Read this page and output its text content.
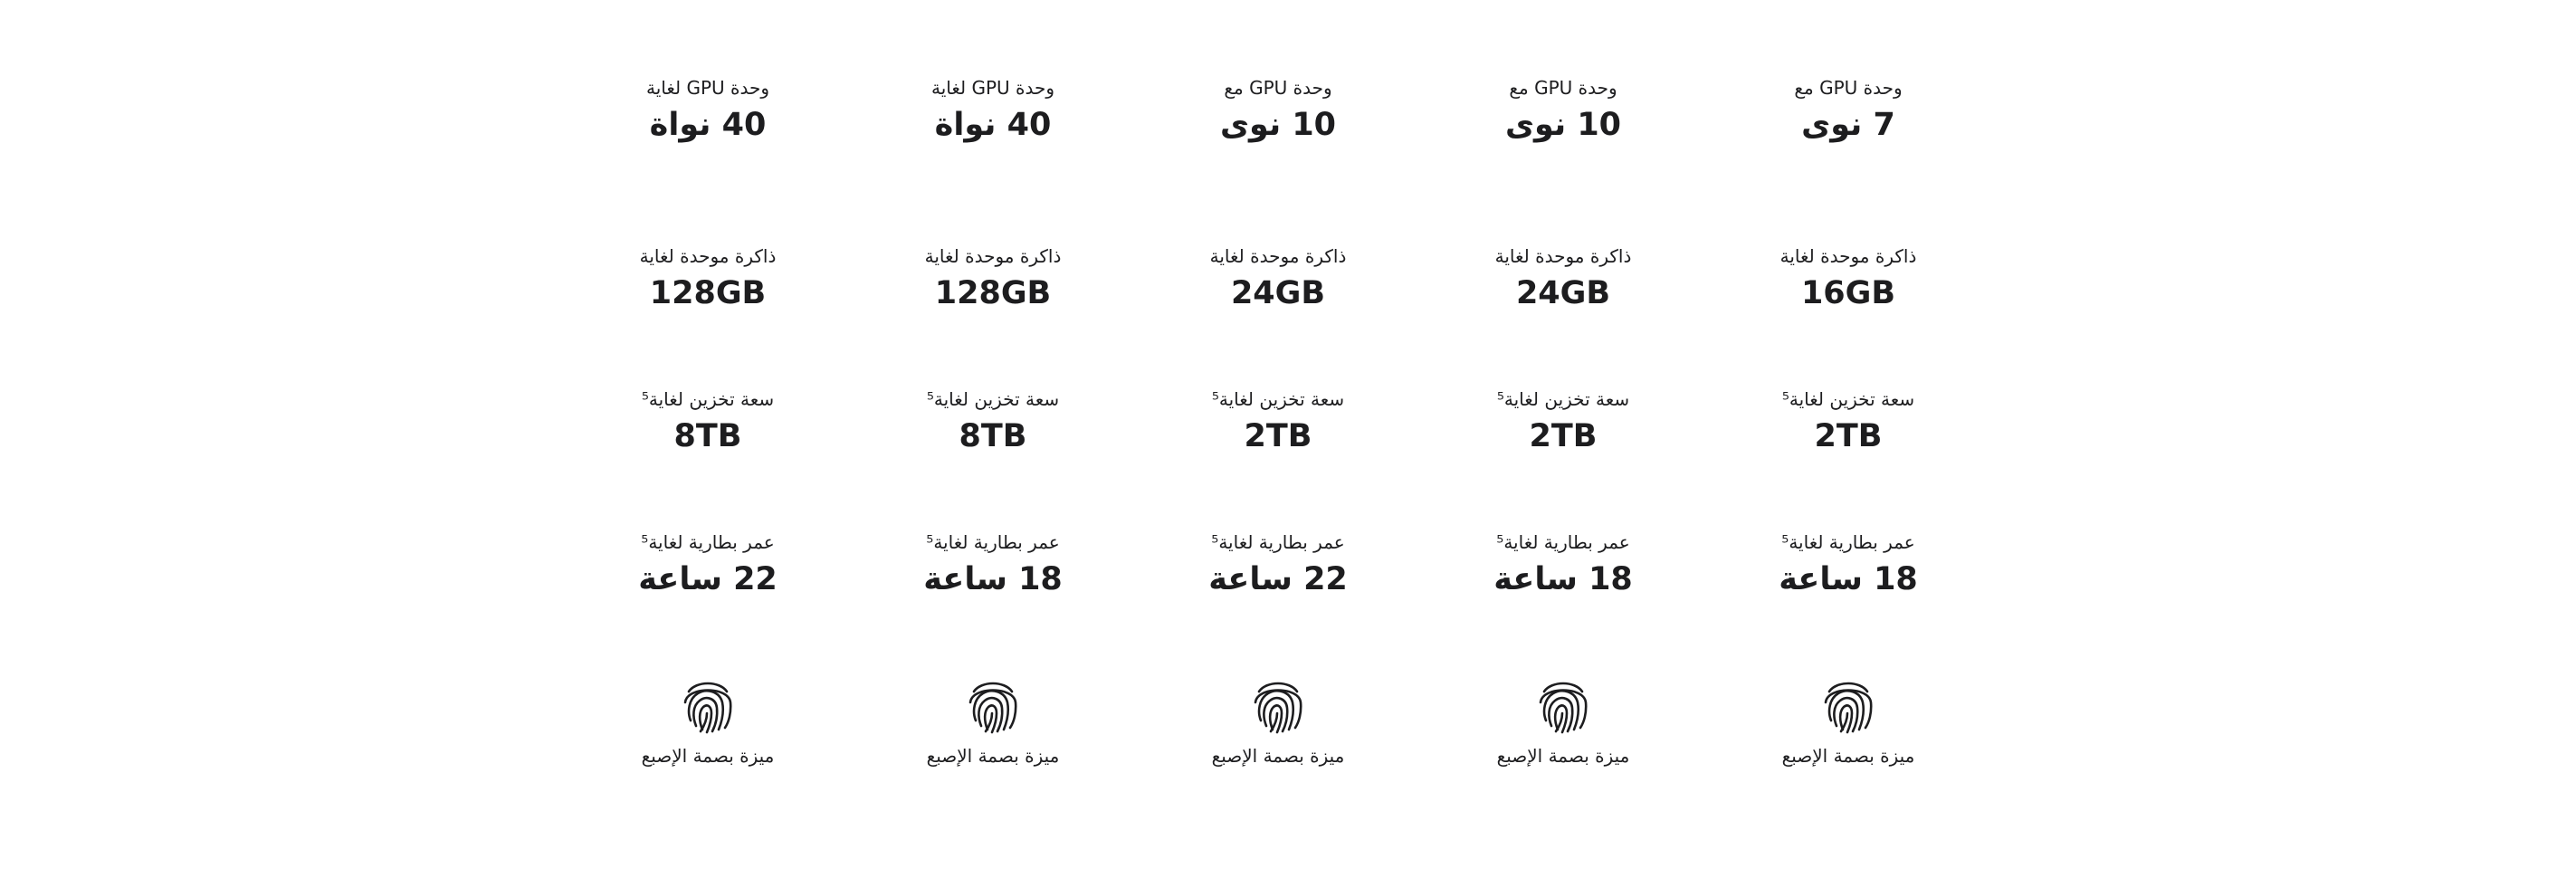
وحدة GPU لغاية
40 نواة
ذاكرة موحدة لغاية
128GB
سعة تخزين لغاية⁵
8TB
عمر بطارية لغاية⁵
22 ساعة
ميزة بصمة الإصبع
وحدة GPU لغاية
40 نواة
ذاكرة موحدة لغاية
128GB
سعة تخزين لغاية⁵
8TB
عمر بطارية لغاية⁵
18 ساعة
ميزة بصمة الإصبع
وحدة GPU مع
10 نوى
ذاكرة موحدة لغاية
24GB
سعة تخزين لغاية⁵
2TB
عمر بطارية لغاية⁵
22 ساعة
ميزة بصمة الإصبع
وحدة GPU مع
10 نوى
ذاكرة موحدة لغاية
24GB
سعة تخزين لغاية⁵
2TB
عمر بطارية لغاية⁵
18 ساعة
ميزة بصمة الإصبع
وحدة GPU مع
7 نوى
ذاكرة موحدة لغاية
16GB
سعة تخزين لغاية⁵
2TB
عمر بطارية لغاية⁵
18 ساعة
ميزة بصمة الإصبع
